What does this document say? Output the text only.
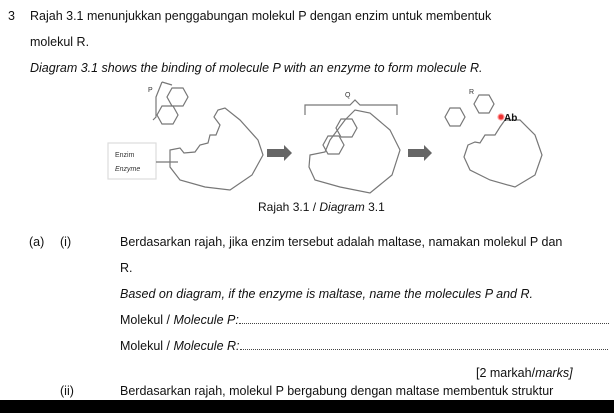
3 Rajah 3.1 menunjukkan penggabungan molekul P dengan enzim untuk membentuk
molekul R.
Diagram 3.1 shows the binding of molecule P with an enzyme to form molecule R.
P
Enzim
Enzyme
Q	R
Ab
Rajah 3.1 / Diagram 3.1
(a) (i)	Berdasarkan rajah, jika enzim tersebut adalah maltase, namakan molekul P dan
R.
Based on diagram, if the enzyme is maltase, name the molecules P and R.
Molekul / Molecule P:
Molekul / Molecule R:
[2 markah/marks]
(ii)	Berdasarkan rajah, molekul P bergabung dengan maltase membentuk struktur
